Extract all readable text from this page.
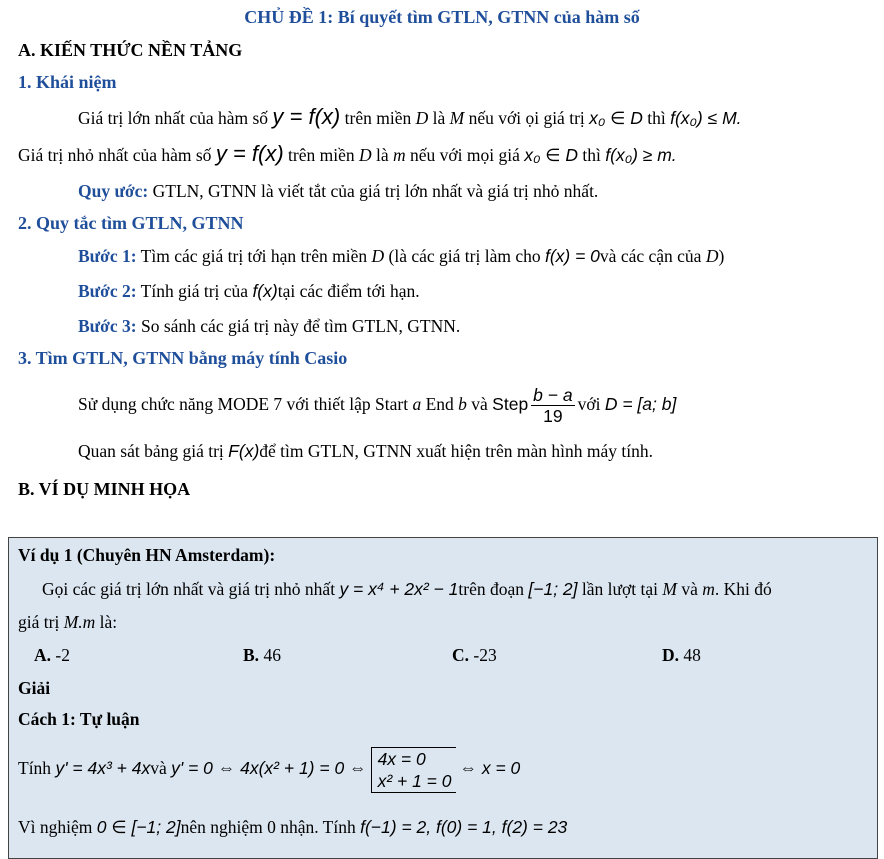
CHỦ ĐỀ 1: Bí quyết tìm GTLN, GTNN của hàm số
A. KIẾN THỨC NỀN TẢNG
1. Khái niệm
Giá trị lớn nhất của hàm số y = f(x) trên miền D là M nếu với ọi giá trị x₀ ∈ D thì f(x₀) ≤ M.
Giá trị nhỏ nhất của hàm số y = f(x) trên miền D là m nếu với mọi giá x₀ ∈ D thì f(x₀) ≥ m.
Quy ước: GTLN, GTNN là viết tắt của giá trị lớn nhất và giá trị nhỏ nhất.
2. Quy tắc tìm GTLN, GTNN
Bước 1: Tìm các giá trị tới hạn trên miền D (là các giá trị làm cho f(x) = 0và các cận của D)
Bước 2: Tính giá trị của f(x)tại các điểm tới hạn.
Bước 3: So sánh các giá trị này để tìm GTLN, GTNN.
3. Tìm GTLN, GTNN bằng máy tính Casio
Sử dụng chức năng MODE 7 với thiết lập Start a End b và Step $\frac{b - a}{19}$ với D = [a; b]
Quan sát bảng giá trị F(x)để tìm GTLN, GTNN xuất hiện trên màn hình máy tính.
B. VÍ DỤ MINH HỌA
Ví dụ 1 (Chuyên HN Amsterdam):
Gọi các giá trị lớn nhất và giá trị nhỏ nhất y = x⁴ + 2x² − 1trên đoạn [−1; 2] lần lượt tại M và m. Khi đó
giá trị M.m là:
A. -2	B. 46	C. -23	D. 48
Giải
Cách 1: Tự luận
Tính y' = 4x³ + 4xvà y' = 0 ⇔ 4x(x² + 1) = 0 ⇔ 4x = 0
x² + 1 = 0
⇔ x = 0
Vì nghiệm 0 ∈ [−1; 2]nên nghiệm 0 nhận. Tính f(−1) = 2, f(0) = 1, f(2) = 23
